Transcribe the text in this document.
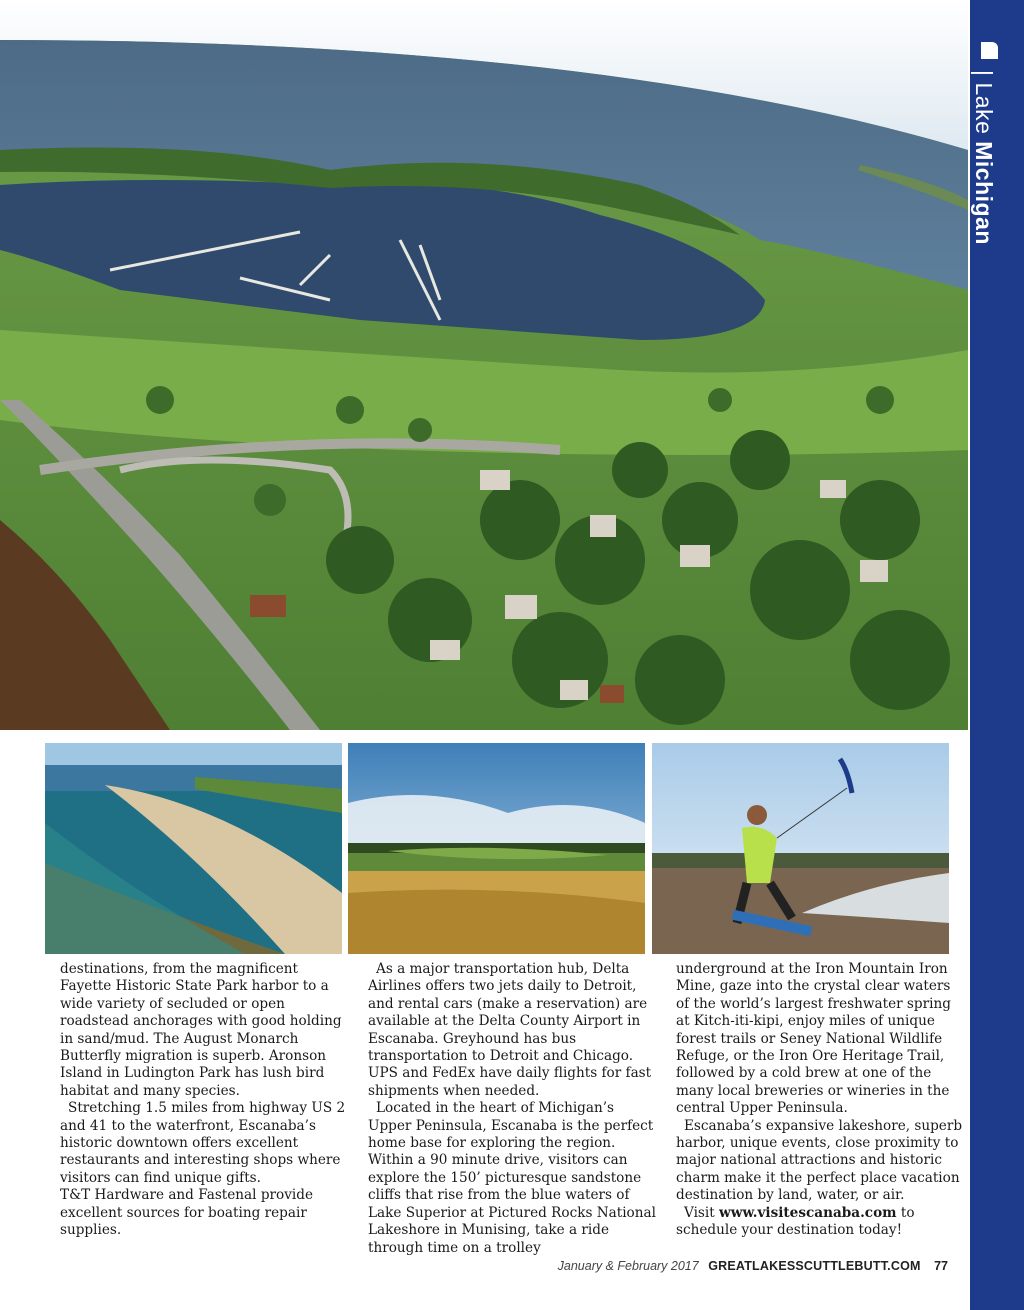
|Lake Michigan

destinations, from the magnificent Fayette Historic State Park harbor to a wide variety of secluded or open roadstead anchorages with good holding in sand/mud. The August Monarch Butterfly migration is superb. Aronson Island in Ludington Park has lush bird habitat and many species.

Stretching 1.5 miles from highway US 2 and 41 to the waterfront, Escanaba’s historic downtown offers excellent restaurants and interesting shops where visitors can find unique gifts.

T&T Hardware and Fastenal provide excellent sources for boating repair supplies.

As a major transportation hub, Delta Airlines offers two jets daily to Detroit, and rental cars (make a reservation) are available at the Delta County Airport in Escanaba. Greyhound has bus transportation to Detroit and Chicago. UPS and FedEx have daily flights for fast shipments when needed.

Located in the heart of Michigan’s Upper Peninsula, Escanaba is the perfect home base for exploring the region. Within a 90 minute drive, visitors can explore the 150’ picturesque sandstone cliffs that rise from the blue waters of Lake Superior at Pictured Rocks National Lakeshore in Munising, take a ride through time on a trolley

underground at the Iron Mountain Iron Mine, gaze into the crystal clear waters of the world’s largest freshwater spring at Kitch-iti-kipi, enjoy miles of unique forest trails or Seney National Wildlife Refuge, or the Iron Ore Heritage Trail, followed by a cold brew at one of the many local breweries or wineries in the central Upper Peninsula.

Escanaba’s expansive lakeshore, superb harbor, unique events, close proximity to major national attractions and historic charm make it the perfect place vacation destination by land, water, or air.

Visit www.visitescanaba.com to schedule your destination today!

January & February 2017 GREATLAKESSCUTTLEBUTT.COM 77
